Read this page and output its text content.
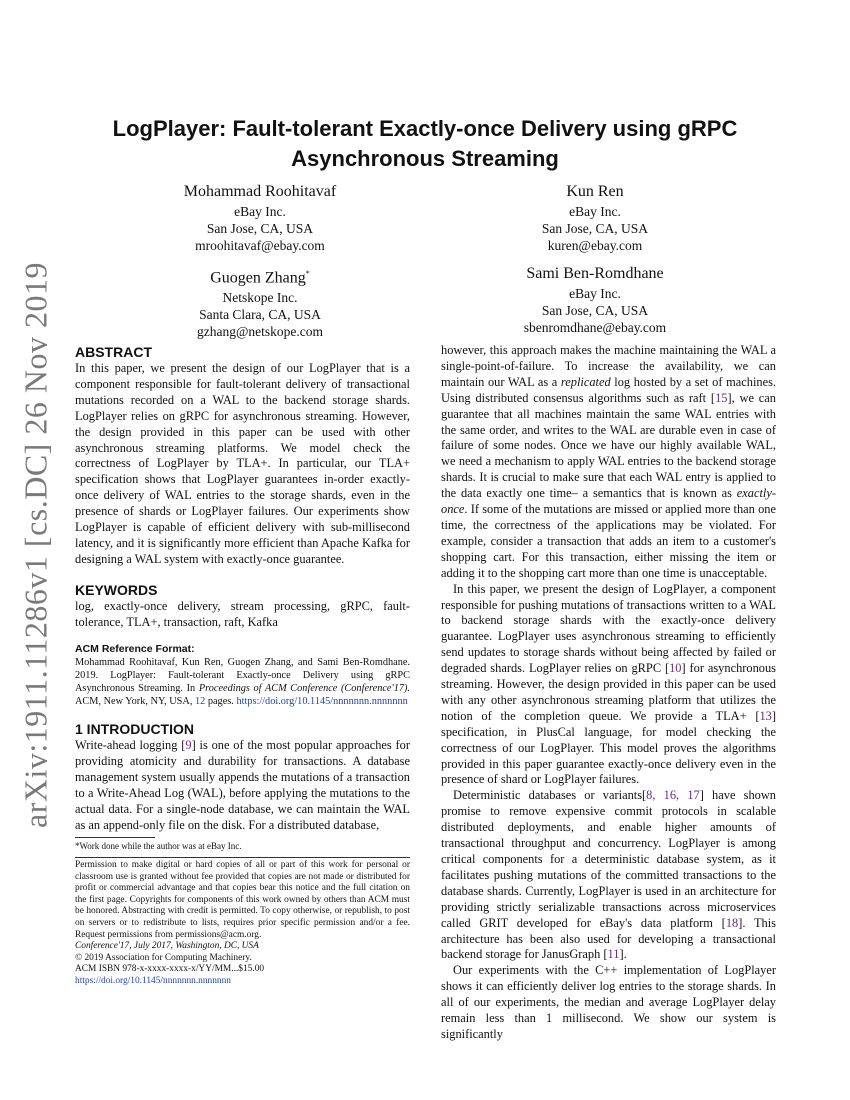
arXiv:1911.11286v1 [cs.DC] 26 Nov 2019
LogPlayer: Fault-tolerant Exactly-once Delivery using gRPC Asynchronous Streaming
Mohammad Roohitavaf
eBay Inc.
San Jose, CA, USA
mroohitavaf@ebay.com
Kun Ren
eBay Inc.
San Jose, CA, USA
kuren@ebay.com
Guogen Zhang*
Netskope Inc.
Santa Clara, CA, USA
gzhang@netskope.com
Sami Ben-Romdhane
eBay Inc.
San Jose, CA, USA
sbenromdhane@ebay.com
ABSTRACT

In this paper, we present the design of our LogPlayer that is a component responsible for fault-tolerant delivery of transactional mutations recorded on a WAL to the backend storage shards. LogPlayer relies on gRPC for asynchronous streaming. However, the design provided in this paper can be used with other asynchronous streaming platforms. We model check the correctness of LogPlayer by TLA+. In particular, our TLA+ specification shows that LogPlayer guarantees in-order exactly-once delivery of WAL entries to the storage shards, even in the presence of shards or LogPlayer failures. Our experiments show LogPlayer is capable of efficient delivery with sub-millisecond latency, and it is significantly more efficient than Apache Kafka for designing a WAL system with exactly-once guarantee.

KEYWORDS

log, exactly-once delivery, stream processing, gRPC, fault-tolerance, TLA+, transaction, raft, Kafka

ACM Reference Format:
Mohammad Roohitavaf, Kun Ren, Guogen Zhang, and Sami Ben-Romdhane. 2019. LogPlayer: Fault-tolerant Exactly-once Delivery using gRPC Asynchronous Streaming. In Proceedings of ACM Conference (Conference'17). ACM, New York, NY, USA, 12 pages. https://doi.org/10.1145/nnnnnnn.nnnnnnn
1 INTRODUCTION

Write-ahead logging [9] is one of the most popular approaches for providing atomicity and durability for transactions. A database management system usually appends the mutations of a transaction to a Write-Ahead Log (WAL), before applying the mutations to the actual data. For a single-node database, we can maintain the WAL as an append-only file on the disk. For a distributed database,

*Work done while the author was at eBay Inc.
Permission to make digital or hard copies of all or part of this work for personal or classroom use is granted without fee provided that copies are not made or distributed for profit or commercial advantage and that copies bear this notice and the full citation on the first page. Copyrights for components of this work owned by others than ACM must be honored. Abstracting with credit is permitted. To copy otherwise, or republish, to post on servers or to redistribute to lists, requires prior specific permission and/or a fee. Request permissions from permissions@acm.org.
Conference'17, July 2017, Washington, DC, USA
© 2019 Association for Computing Machinery.
ACM ISBN 978-x-xxxx-xxxx-x/YY/MM...$15.00
https://doi.org/10.1145/nnnnnnn.nnnnnnn

however, this approach makes the machine maintaining the WAL a single-point-of-failure. To increase the availability, we can maintain our WAL as a replicated log hosted by a set of machines. Using distributed consensus algorithms such as raft [15], we can guarantee that all machines maintain the same WAL entries with the same order, and writes to the WAL are durable even in case of failure of some nodes. Once we have our highly available WAL, we need a mechanism to apply WAL entries to the backend storage shards. It is crucial to make sure that each WAL entry is applied to the data exactly one time– a semantics that is known as exactly-once. If some of the mutations are missed or applied more than one time, the correctness of the applications may be violated. For example, consider a transaction that adds an item to a customer's shopping cart. For this transaction, either missing the item or adding it to the shopping cart more than one time is unacceptable.

In this paper, we present the design of LogPlayer, a component responsible for pushing mutations of transactions written to a WAL to backend storage shards with the exactly-once delivery guarantee. LogPlayer uses asynchronous streaming to efficiently send updates to storage shards without being affected by failed or degraded shards. LogPlayer relies on gRPC [10] for asynchronous streaming. However, the design provided in this paper can be used with any other asynchronous streaming platform that utilizes the notion of the completion queue. We provide a TLA+ [13] specification, in PlusCal language, for model checking the correctness of our LogPlayer. This model proves the algorithms provided in this paper guarantee exactly-once delivery even in the presence of shard or LogPlayer failures.

Deterministic databases or variants[8, 16, 17] have shown promise to remove expensive commit protocols in scalable distributed deployments, and enable higher amounts of transactional throughput and concurrency. LogPlayer is among critical components for a deterministic database system, as it facilitates pushing mutations of the committed transactions to the database shards. Currently, LogPlayer is used in an architecture for providing strictly serializable transactions across microservices called GRIT developed for eBay's data platform [18]. This architecture has been also used for developing a transactional backend storage for JanusGraph [11].

Our experiments with the C++ implementation of LogPlayer shows it can efficiently deliver log entries to the storage shards. In all of our experiments, the median and average LogPlayer delay remain less than 1 millisecond. We show our system is significantly
